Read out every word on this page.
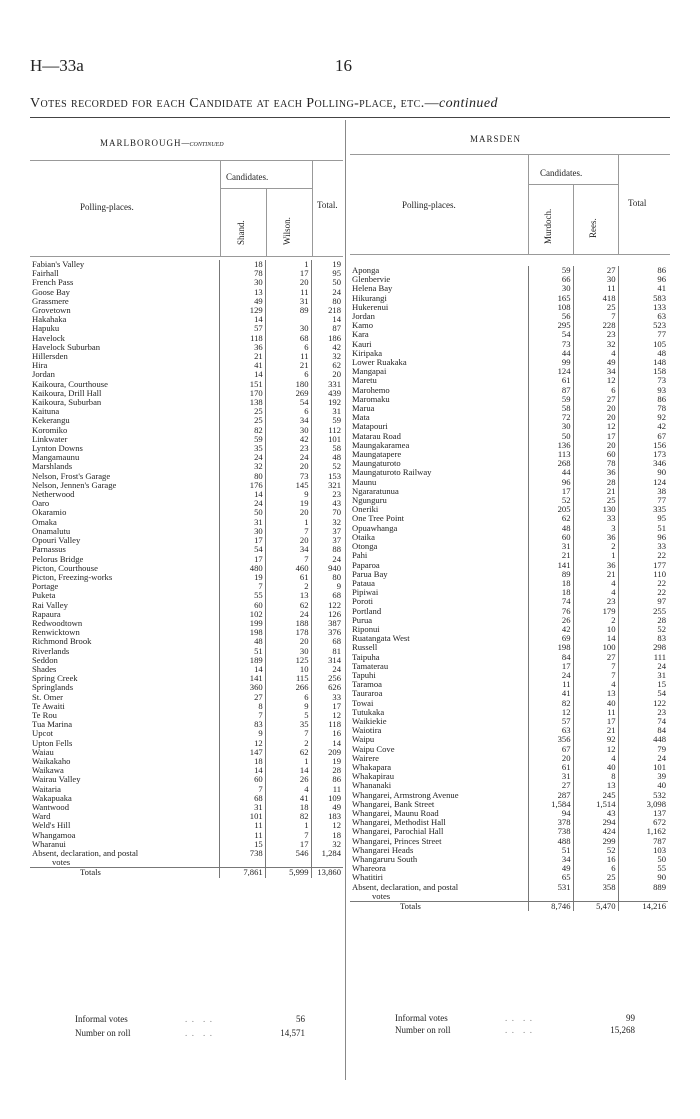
H—33a	16
Votes recorded for each Candidate at each Polling-place, etc.—continued
MARLBOROUGH—continued
Candidates.
Polling-places.
Shand.	Wilson.
Total.
Fabian's Valley	18	1	19
Fairhall	78	17	95
French Pass	30	20	50
Goose Bay	13	11	24
Grassmere	49	31	80
Grovetown	129	89	218
Hakahaka	14		14
Hapuku	57	30	87
Havelock	118	68	186
Havelock Suburban	36	6	42
Hillersden	21	11	32
Hira	41	21	62
Jordan	14	6	20
Kaikoura, Courthouse	151	180	331
Kaikoura, Drill Hall	170	269	439
Kaikoura, Suburban	138	54	192
Kaituna	25	6	31
Kekerangu	25	34	59
Koromiko	82	30	112
Linkwater	59	42	101
Lynton Downs	35	23	58
Mangamaunu	24	24	48
Marshlands	32	20	52
Nelson, Frost's Garage	80	73	153
Nelson, Jennen's Garage	176	145	321
Netherwood	14	9	23
Oaro	24	19	43
Okaramio	50	20	70
Omaka	31	1	32
Onamalutu	30	7	37
Opouri Valley	17	20	37
Parnassus	54	34	88
Pelorus Bridge	17	7	24
Picton, Courthouse	480	460	940
Picton, Freezing-works	19	61	80
Portage	7	2	9
Puketa	55	13	68
Rai Valley	60	62	122
Rapaura	102	24	126
Redwoodtown	199	188	387
Renwicktown	198	178	376
Richmond Brook	48	20	68
Riverlands	51	30	81
Seddon	189	125	314
Shades	14	10	24
Spring Creek	141	115	256
Springlands	360	266	626
St. Omer	27	6	33
Te Awaiti	8	9	17
Te Rou	7	5	12
Tua Marina	83	35	118
Upcot	9	7	16
Upton Fells	12	2	14
Waiau	147	62	209
Waikakaho	18	1	19
Waikawa	14	14	28
Wairau Valley	60	26	86
Waitaria	7	4	11
Wakapuaka	68	41	109
Wantwood	31	18	49
Ward	101	82	183
Weld's Hill	11	1	12
Whangamoa	11	7	18
Wharanui	15	17	32
Absent, declaration, and postal	738	546	1,284
votes			
Totals	7,861	5,999	13,860
Informal votes	.  .    .  .	56
Number on roll	.  .    .  .	14,571
MARSDEN
Candidates.
Polling-places.
Murdoch.	Rees.
Total
Aponga	59	27	86
Glenbervie	66	30	96
Helena Bay	30	11	41
Hikurangi	165	418	583
Hukerenui	108	25	133
Jordan	56	7	63
Kamo	295	228	523
Kara	54	23	77
Kauri	73	32	105
Kiripaka	44	4	48
Lower Ruakaka	99	49	148
Mangapai	124	34	158
Maretu	61	12	73
Marohemo	87	6	93
Maromaku	59	27	86
Marua	58	20	78
Mata	72	20	92
Matapouri	30	12	42
Matarau Road	50	17	67
Maungakaramea	136	20	156
Maungatapere	113	60	173
Maungaturoto	268	78	346
Maungaturoto Railway	44	36	90
Maunu	96	28	124
Ngararatunua	17	21	38
Ngunguru	52	25	77
Oneriki	205	130	335
One Tree Point	62	33	95
Opuawhanga	48	3	51
Otaika	60	36	96
Otonga	31	2	33
Pahi	21	1	22
Paparoa	141	36	177
Parua Bay	89	21	110
Pataua	18	4	22
Pipiwai	18	4	22
Poroti	74	23	97
Portland	76	179	255
Purua	26	2	28
Riponui	42	10	52
Ruatangata West	69	14	83
Russell	198	100	298
Taipuha	84	27	111
Tamaterau	17	7	24
Tapuhi	24	7	31
Taramoa	11	4	15
Tauraroa	41	13	54
Towai	82	40	122
Tutukaka	12	11	23
Waikiekie	57	17	74
Waiotira	63	21	84
Waipu	356	92	448
Waipu Cove	67	12	79
Wairere	20	4	24
Whakapara	61	40	101
Whakapirau	31	8	39
Whananaki	27	13	40
Whangarei, Armstrong Avenue	287	245	532
Whangarei, Bank Street	1,584	1,514	3,098
Whangarei, Maunu Road	94	43	137
Whangarei, Methodist Hall	378	294	672
Whangarei, Parochial Hall	738	424	1,162
Whangarei, Princes Street	488	299	787
Whangarei Heads	51	52	103
Whangaruru South	34	16	50
Whareora	49	6	55
Whatitiri	65	25	90
Absent, declaration, and postal	531	358	889
votes			
Totals	8,746	5,470	14,216
Informal votes	.  .    .  .	99
Number on roll	.  .    .  .	15,268
